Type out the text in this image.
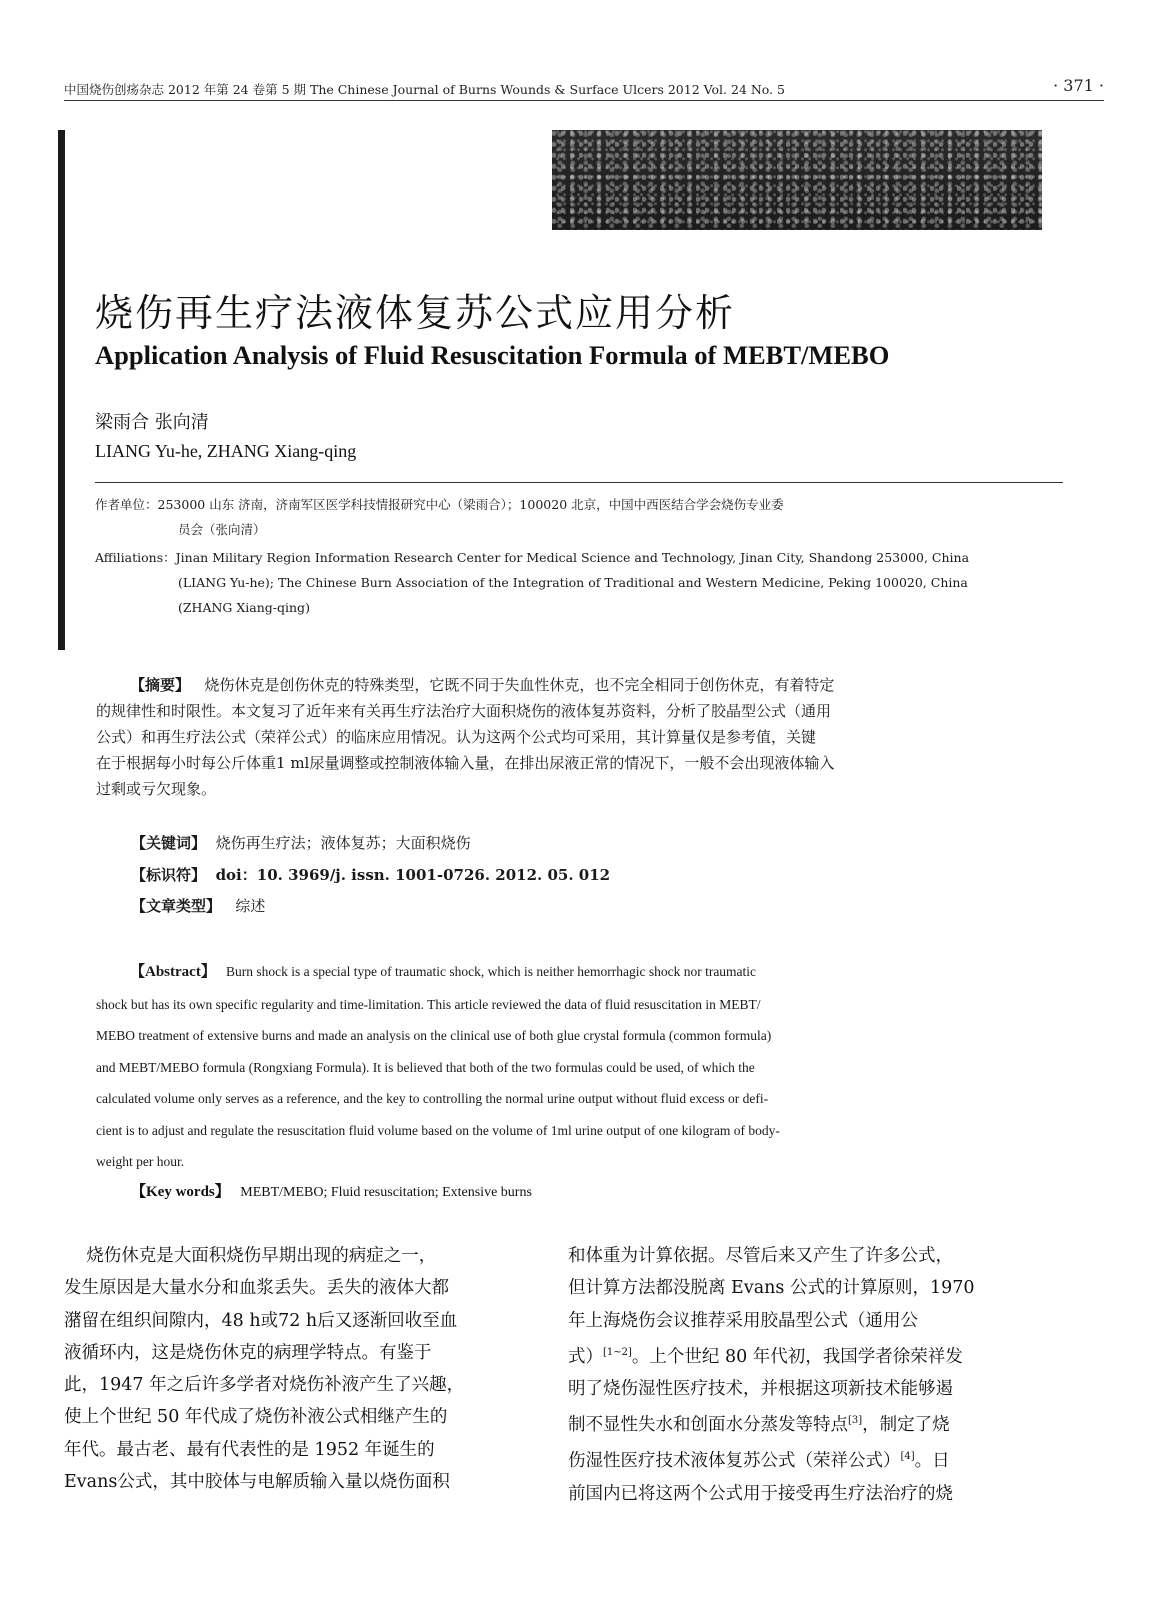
中国烧伤创疡杂志 2012 年第 24 卷第 5 期 The Chinese Journal of Burns Wounds & Surface Ulcers 2012 Vol. 24 No. 5	· 371 ·
烧伤再生疗法液体复苏公式应用分析
Application Analysis of Fluid Resuscitation Formula of MEBT/MEBO
梁雨合 张向清
LIANG Yu-he, ZHANG Xiang-qing
作者单位：253000 山东 济南，济南军区医学科技情报研究中心（梁雨合）；100020 北京，中国中西医结合学会烧伤专业委
员会（张向清）
Affiliations：Jinan Military Region Information Research Center for Medical Science and Technology, Jinan City, Shandong 253000, China
(LIANG Yu-he); The Chinese Burn Association of the Integration of Traditional and Western Medicine, Peking 100020, China
(ZHANG Xiang-qing)
【摘要】 烧伤休克是创伤休克的特殊类型，它既不同于失血性休克，也不完全相同于创伤休克，有着特定
的规律性和时限性。本文复习了近年来有关再生疗法治疗大面积烧伤的液体复苏资料，分析了胶晶型公式（通用
公式）和再生疗法公式（荣祥公式）的临床应用情况。认为这两个公式均可采用，其计算量仅是参考值，关键
在于根据每小时每公斤体重1 ml尿量调整或控制液体输入量，在排出尿液正常的情况下，一般不会出现液体输入
过剩或亏欠现象。
【关键词】 烧伤再生疗法；液体复苏；大面积烧伤
【标识符】 doi：10. 3969/j. issn. 1001-0726. 2012. 05. 012
【文章类型】 综述
【Abstract】 Burn shock is a special type of traumatic shock, which is neither hemorrhagic shock nor traumatic
shock but has its own specific regularity and time-limitation. This article reviewed the data of fluid resuscitation in MEBT/
MEBO treatment of extensive burns and made an analysis on the clinical use of both glue crystal formula (common formula)
and MEBT/MEBO formula (Rongxiang Formula). It is believed that both of the two formulas could be used, of which the
calculated volume only serves as a reference, and the key to controlling the normal urine output without fluid excess or defi-
cient is to adjust and regulate the resuscitation fluid volume based on the volume of 1ml urine output of one kilogram of body-
weight per hour.
【Key words】 MEBT/MEBO; Fluid resuscitation; Extensive burns
烧伤休克是大面积烧伤早期出现的病症之一，
发生原因是大量水分和血浆丢失。丢失的液体大都
潴留在组织间隙内，48 h或72 h后又逐渐回收至血
液循环内，这是烧伤休克的病理学特点。有鉴于
此，1947 年之后许多学者对烧伤补液产生了兴趣，
使上个世纪 50 年代成了烧伤补液公式相继产生的
年代。最古老、最有代表性的是 1952 年诞生的
Evans公式，其中胶体与电解质输入量以烧伤面积
和体重为计算依据。尽管后来又产生了许多公式，
但计算方法都没脱离 Evans 公式的计算原则，1970
年上海烧伤会议推荐采用胶晶型公式（通用公
式）[1~2]。上个世纪 80 年代初，我国学者徐荣祥发
明了烧伤湿性医疗技术，并根据这项新技术能够遏
制不显性失水和创面水分蒸发等特点[3]，制定了烧
伤湿性医疗技术液体复苏公式（荣祥公式）[4]。日
前国内已将这两个公式用于接受再生疗法治疗的烧
